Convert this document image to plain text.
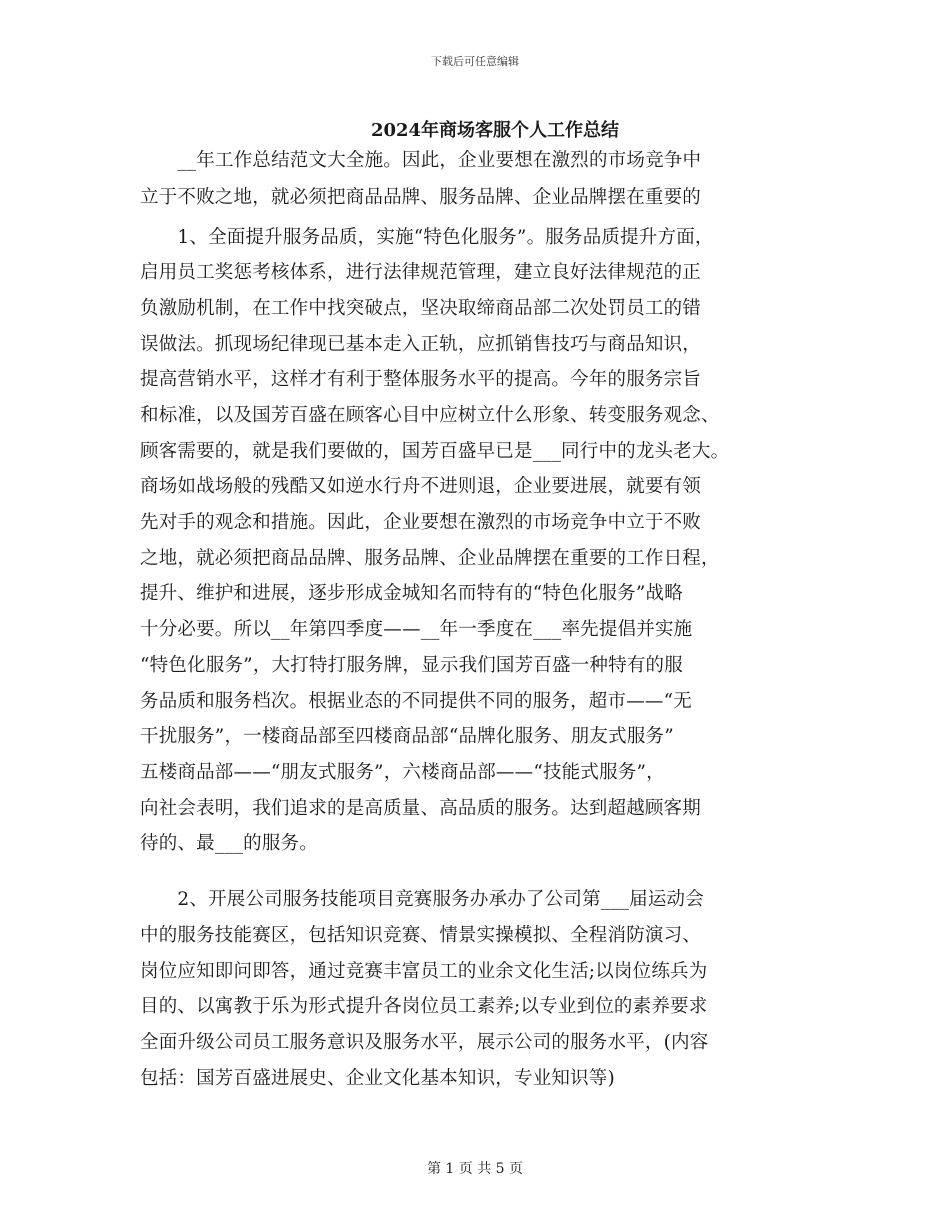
下载后可任意编辑
2024年商场客服个人工作总结
　　__年工作总结范文大全施。因此，企业要想在激烈的市场竞争中
立于不败之地，就必须把商品品牌、服务品牌、企业品牌摆在重要的
　　1、全面提升服务品质，实施“特色化服务”。服务品质提升方面，
启用员工奖惩考核体系，进行法律规范管理，建立良好法律规范的正
负激励机制，在工作中找突破点，坚决取缔商品部二次处罚员工的错
误做法。抓现场纪律现已基本走入正轨，应抓销售技巧与商品知识，
提高营销水平，这样才有利于整体服务水平的提高。今年的服务宗旨
和标准，以及国芳百盛在顾客心目中应树立什么形象、转变服务观念、
顾客需要的，就是我们要做的，国芳百盛早已是___同行中的龙头老大。
商场如战场般的残酷又如逆水行舟不进则退，企业要进展，就要有领
先对手的观念和措施。因此，企业要想在激烈的市场竞争中立于不败
之地，就必须把商品品牌、服务品牌、企业品牌摆在重要的工作日程，
提升、维护和进展，逐步形成金城知名而特有的“特色化服务”战略
十分必要。所以__年第四季度——__年一季度在___率先提倡并实施
“特色化服务”，大打特打服务牌，显示我们国芳百盛一种特有的服
务品质和服务档次。根据业态的不同提供不同的服务，超市——“无
干扰服务”，一楼商品部至四楼商品部“品牌化服务、朋友式服务”
五楼商品部——“朋友式服务”，六楼商品部——“技能式服务”，
向社会表明，我们追求的是高质量、高品质的服务。达到超越顾客期
待的、最___的服务。
　　2、开展公司服务技能项目竞赛服务办承办了公司第___届运动会
中的服务技能赛区，包括知识竞赛、情景实操模拟、全程消防演习、
岗位应知即问即答，通过竞赛丰富员工的业余文化生活;以岗位练兵为
目的、以寓教于乐为形式提升各岗位员工素养;以专业到位的素养要求
全面升级公司员工服务意识及服务水平，展示公司的服务水平，(内容
包括：国芳百盛进展史、企业文化基本知识，专业知识等)
第 1 页 共 5 页
